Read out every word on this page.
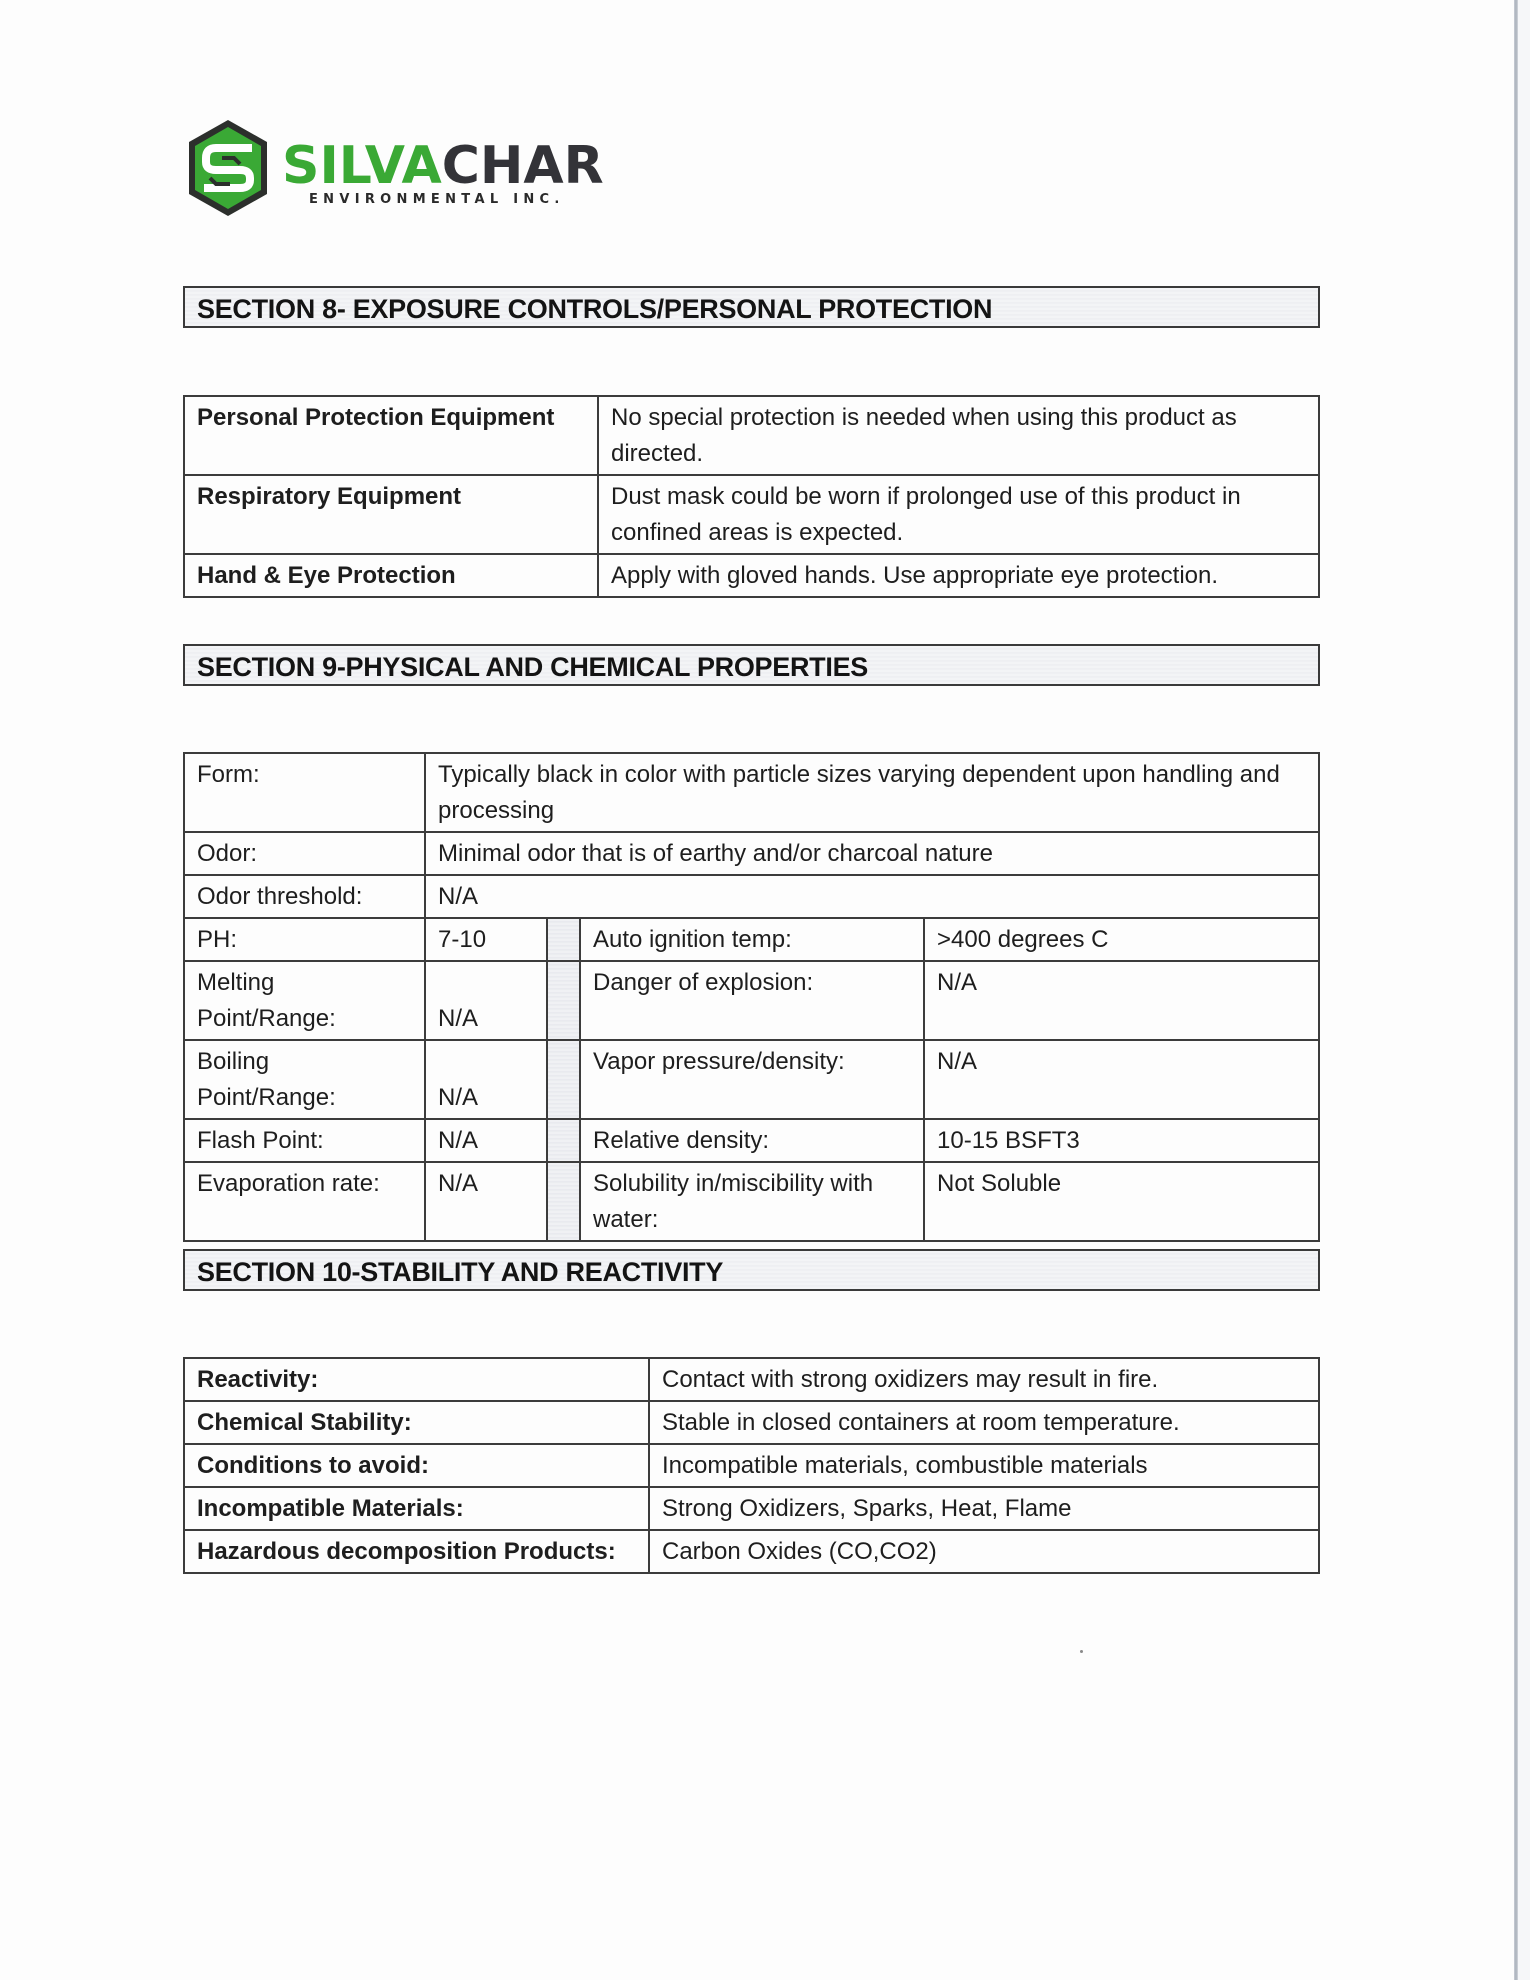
SILVACHAR
ENVIRONMENTAL INC.
SECTION 8- EXPOSURE CONTROLS/PERSONAL PROTECTION
Personal Protection Equipment	No special protection is needed when using this product as directed.
Respiratory Equipment	Dust mask could be worn if prolonged use of this product in confined areas is expected.
Hand & Eye Protection	Apply with gloved hands. Use appropriate eye protection.
SECTION 9-PHYSICAL AND CHEMICAL PROPERTIES
Form:	Typically black in color with particle sizes varying dependent upon handling and processing			
Odor:	Minimal odor that is of earthy and/or charcoal nature			
Odor threshold:	N/A			
PH:	7-10		Auto ignition temp:	>400 degrees C
Melting Point/Range:	N/A		Danger of explosion:	N/A
Boiling Point/Range:	N/A		Vapor pressure/density:	N/A
Flash Point:	N/A		Relative density:	10-15 BSFT3
Evaporation rate:	N/A		Solubility in/miscibility with water:	Not Soluble
SECTION 10-STABILITY AND REACTIVITY
Reactivity:	Contact with strong oxidizers may result in fire.
Chemical Stability:	Stable in closed containers at room temperature.
Conditions to avoid:	Incompatible materials, combustible materials
Incompatible Materials:	Strong Oxidizers, Sparks, Heat, Flame
Hazardous decomposition Products:	Carbon Oxides (CO,CO2)
